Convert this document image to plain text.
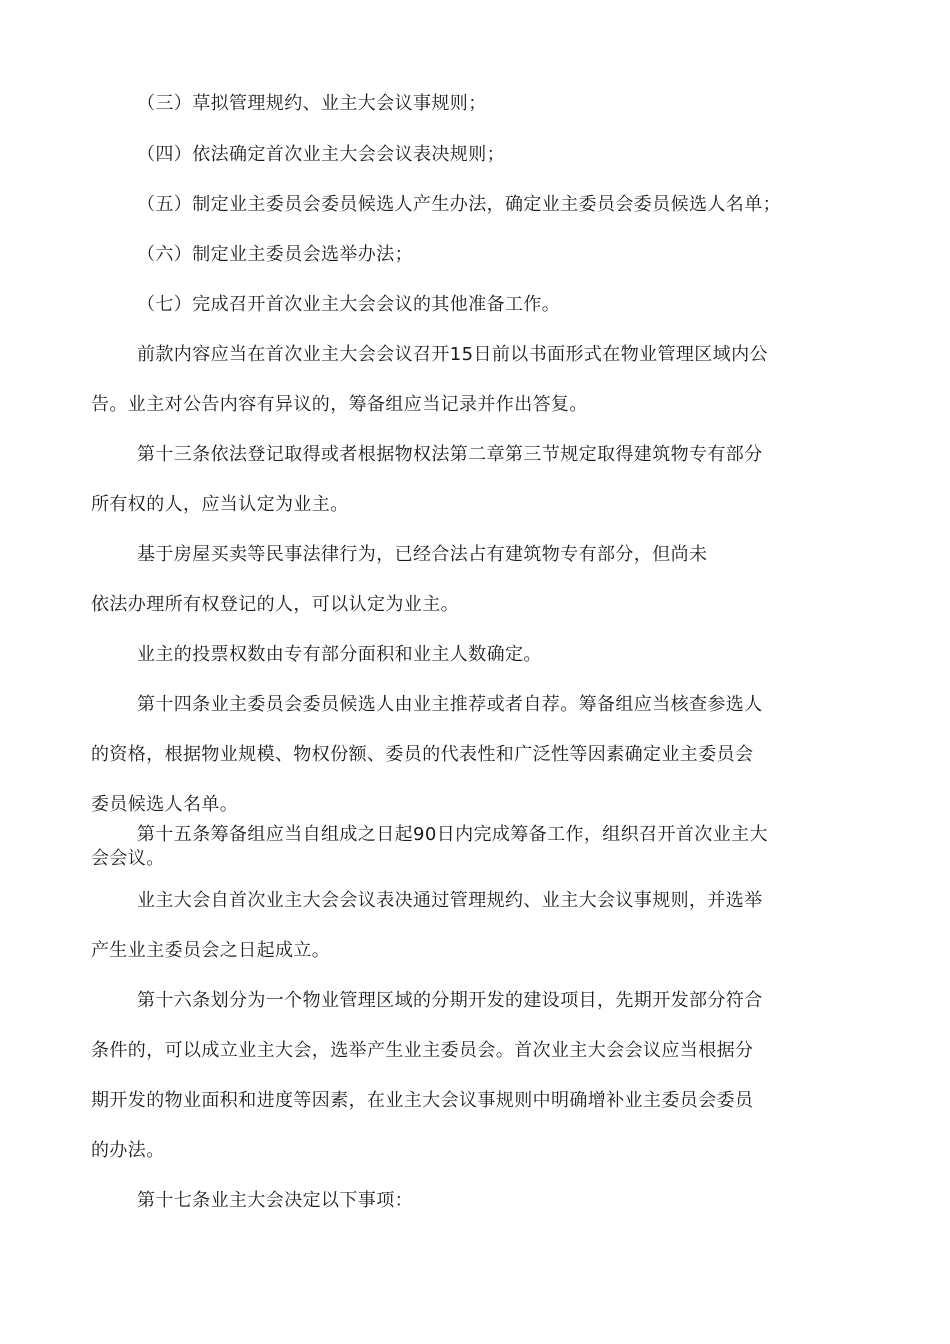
（三）草拟管理规约、业主大会议事规则；
（四）依法确定首次业主大会会议表决规则；
（五）制定业主委员会委员候选人产生办法，确定业主委员会委员候选人名单；
（六）制定业主委员会选举办法；
（七）完成召开首次业主大会会议的其他准备工作。
前款内容应当在首次业主大会会议召开15日前以书面形式在物业管理区域内公
告。业主对公告内容有异议的，筹备组应当记录并作出答复。
第十三条依法登记取得或者根据物权法第二章第三节规定取得建筑物专有部分
所有权的人，应当认定为业主。
基于房屋买卖等民事法律行为，已经合法占有建筑物专有部分，但尚未
依法办理所有权登记的人，可以认定为业主。
业主的投票权数由专有部分面积和业主人数确定。
第十四条业主委员会委员候选人由业主推荐或者自荐。筹备组应当核查参选人
的资格，根据物业规模、物权份额、委员的代表性和广泛性等因素确定业主委员会
委员候选人名单。
第十五条筹备组应当自组成之日起90日内完成筹备工作，组织召开首次业主大
会会议。
业主大会自首次业主大会会议表决通过管理规约、业主大会议事规则，并选举
产生业主委员会之日起成立。
第十六条划分为一个物业管理区域的分期开发的建设项目，先期开发部分符合
条件的，可以成立业主大会，选举产生业主委员会。首次业主大会会议应当根据分
期开发的物业面积和进度等因素，在业主大会议事规则中明确增补业主委员会委员
的办法。
第十七条业主大会决定以下事项：
